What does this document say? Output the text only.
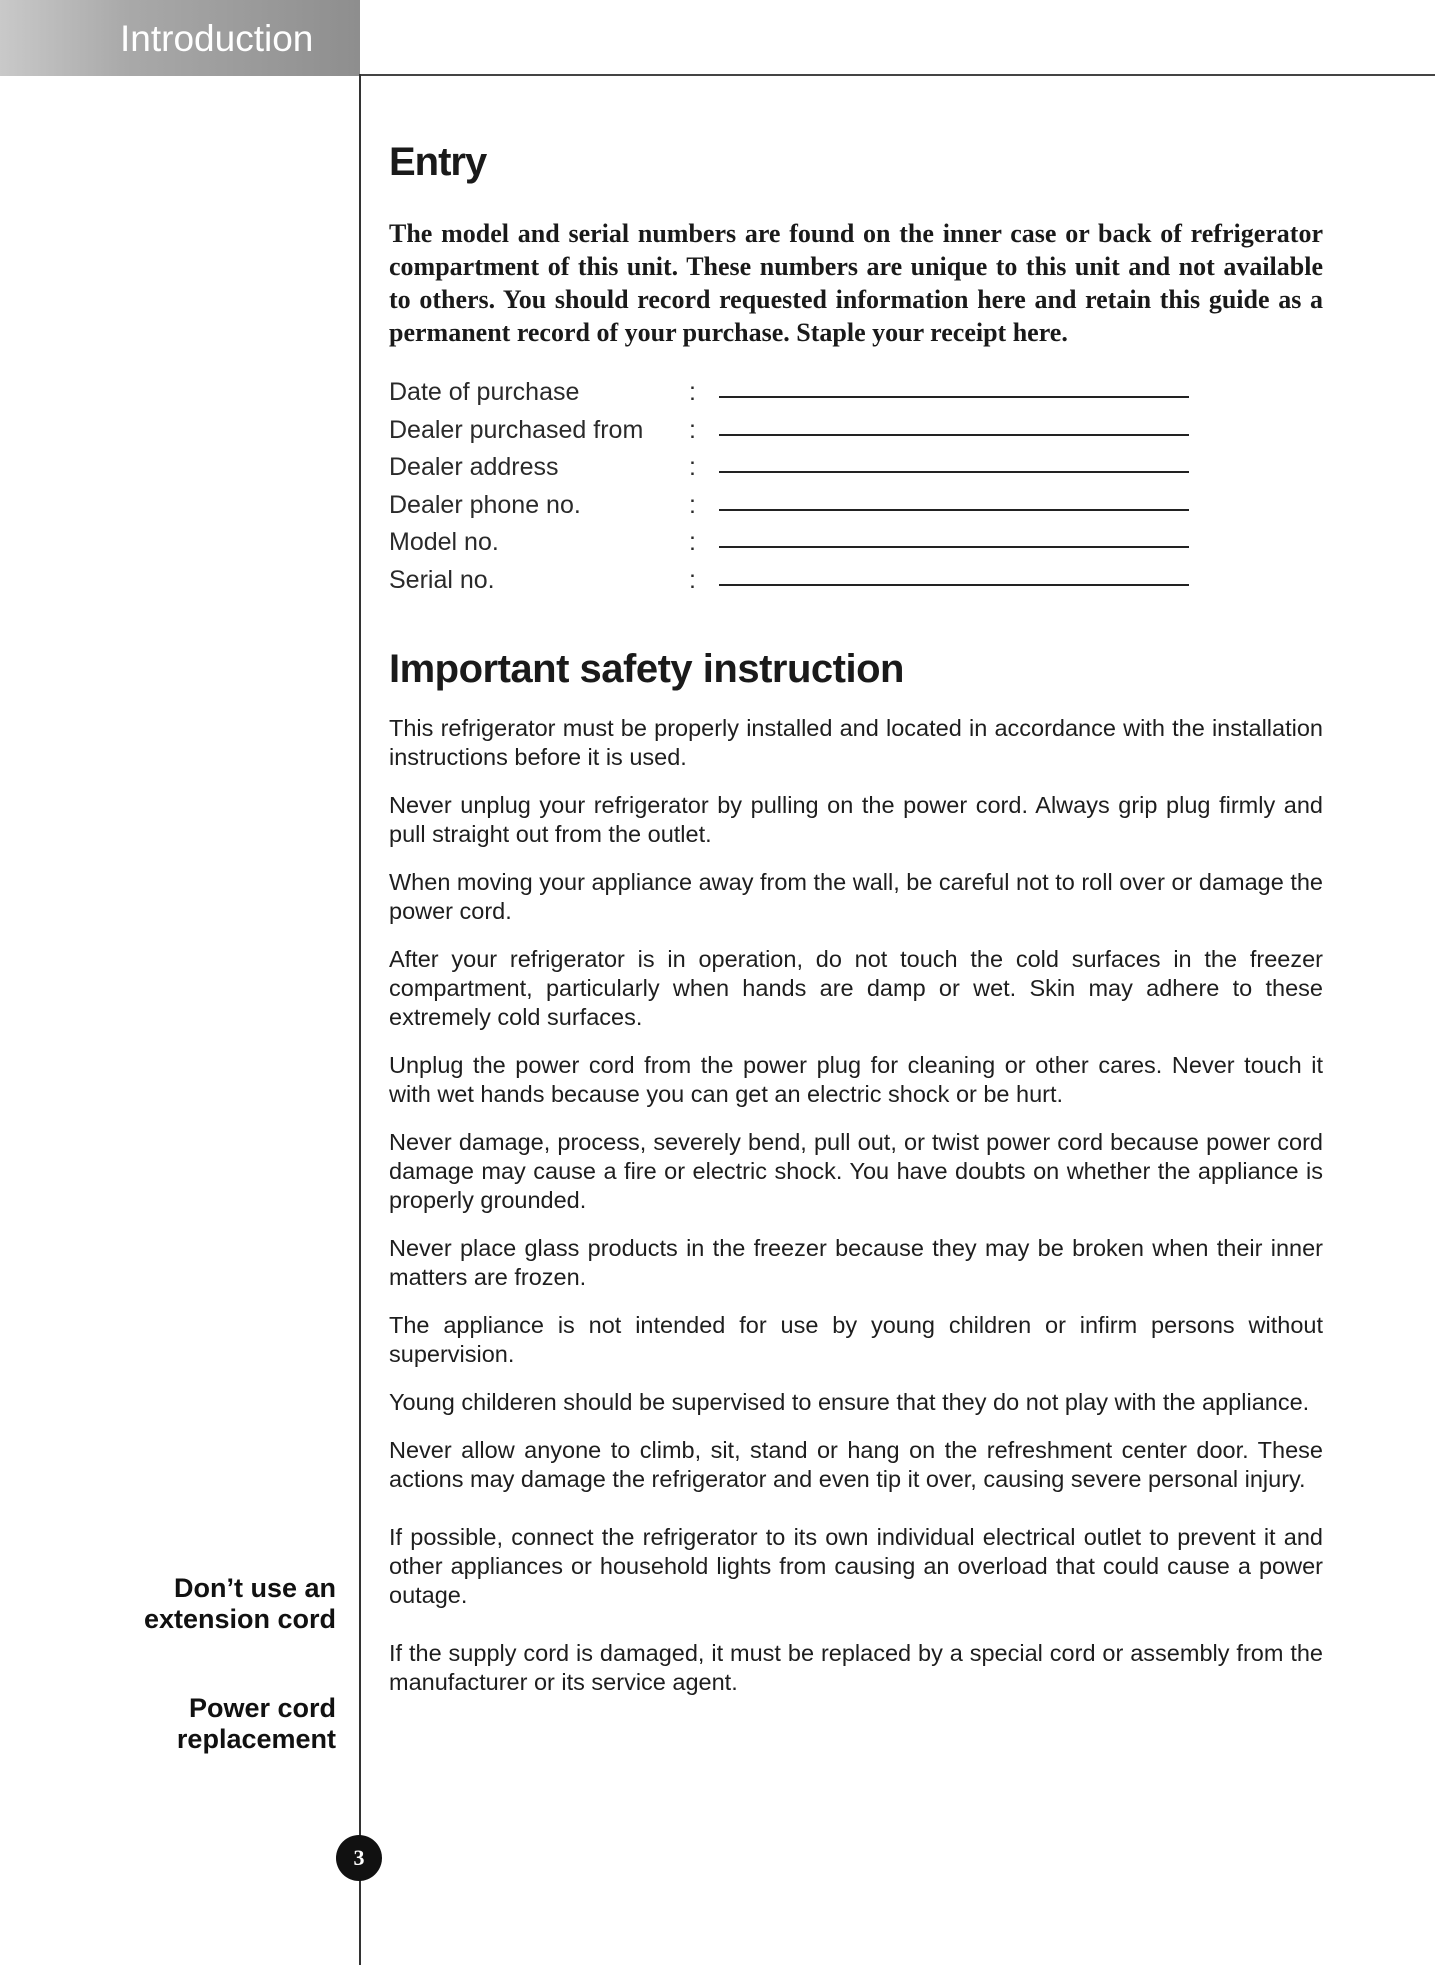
Introduction
Entry

The model and serial numbers are found on the inner case or back of refrigerator compartment of this unit. These numbers are unique to this unit and not available to others. You should record requested information here and retain this guide as a permanent record of your purchase. Staple your receipt here.

Date of purchase	:
Dealer purchased from	:
Dealer address	:
Dealer phone no.	:
Model no.	:
Serial no.	:
Important safety instruction

This refrigerator must be properly installed and located in accordance with the installation instructions before it is used.

Never unplug your refrigerator by pulling on the power cord. Always grip plug firmly and pull straight out from the outlet.

When moving your appliance away from the wall, be careful not to roll over or damage the power cord.

After your refrigerator is in operation, do not touch the cold surfaces in the freezer compartment, particularly when hands are damp or wet. Skin may adhere to these extremely cold surfaces.

Unplug the power cord from the power plug for cleaning or other cares. Never touch it with wet hands because you can get an electric shock or be hurt.

Never damage, process, severely bend, pull out, or twist power cord because power cord damage may cause a fire or electric shock. You have doubts on whether the appliance is properly grounded.

Never place glass products in the freezer because they may be broken when their inner matters are frozen.

The appliance is not intended for use by young children or infirm persons without supervision.

Young childeren should be supervised to ensure that they do not play with the appliance.

Never allow anyone to climb, sit, stand or hang on the refreshment center door. These actions may damage the refrigerator and even tip it over, causing severe personal injury.

If possible, connect the refrigerator to its own individual electrical outlet to prevent it and other appliances or household lights from causing an overload that could cause a power outage.

If the supply cord is damaged, it must be replaced by a special cord or assembly from the manufacturer or its service agent.

Don’t use an extension cord
Power cord replacement
3
